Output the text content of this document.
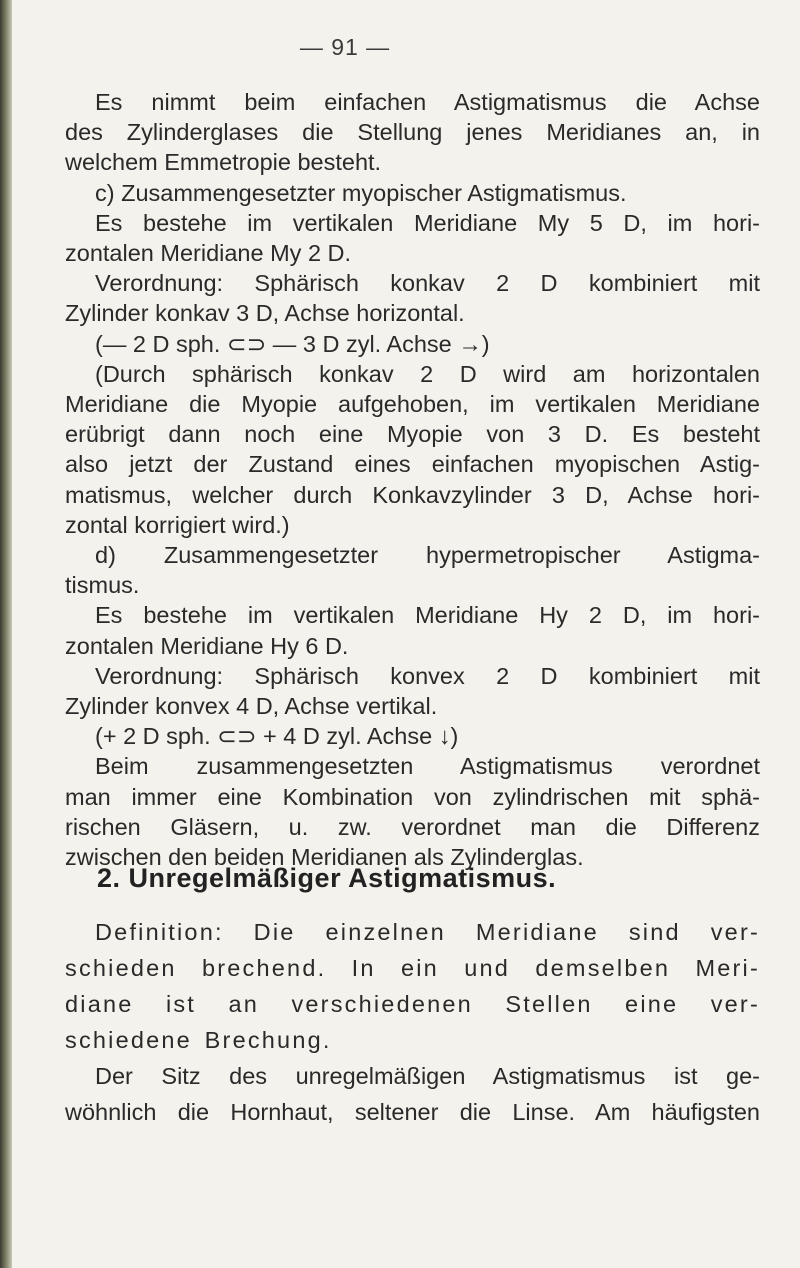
— 91 —
Es nimmt beim einfachen Astigmatismus die Achse
des Zylinderglases die Stellung jenes Meridianes an, in
welchem Emmetropie besteht.
c) Zusammengesetzter myopischer Astigmatismus.
Es bestehe im vertikalen Meridiane My 5 D, im hori-
zontalen Meridiane My 2 D.
Verordnung: Sphärisch konkav 2 D kombiniert mit
Zylinder konkav 3 D, Achse horizontal.
(— 2 D sph. ⊂⊃ — 3 D zyl. Achse →)
(Durch sphärisch konkav 2 D wird am horizontalen
Meridiane die Myopie aufgehoben, im vertikalen Meridiane
erübrigt dann noch eine Myopie von 3 D. Es besteht
also jetzt der Zustand eines einfachen myopischen Astig-
matismus, welcher durch Konkavzylinder 3 D, Achse hori-
zontal korrigiert wird.)
d) Zusammengesetzter hypermetropischer Astigma-
tismus.
Es bestehe im vertikalen Meridiane Hy 2 D, im hori-
zontalen Meridiane Hy 6 D.
Verordnung: Sphärisch konvex 2 D kombiniert mit
Zylinder konvex 4 D, Achse vertikal.
2. Unregelmäßiger Astigmatismus.
Definition: Die einzelnen Meridiane sind ver-
schieden brechend. In ein und demselben Meri-
diane ist an verschiedenen Stellen eine ver-
schiedene Brechung.
Der Sitz des unregelmäßigen Astigmatismus ist ge-
wöhnlich die Hornhaut, seltener die Linse. Am häufigsten
(+ 2 D sph. ⊂⊃ + 4 D zyl. Achse ↓)
Beim zusammengesetzten Astigmatismus verordnet
man immer eine Kombination von zylindrischen mit sphä-
rischen Gläsern, u. zw. verordnet man die Differenz
zwischen den beiden Meridianen als Zylinderglas.
